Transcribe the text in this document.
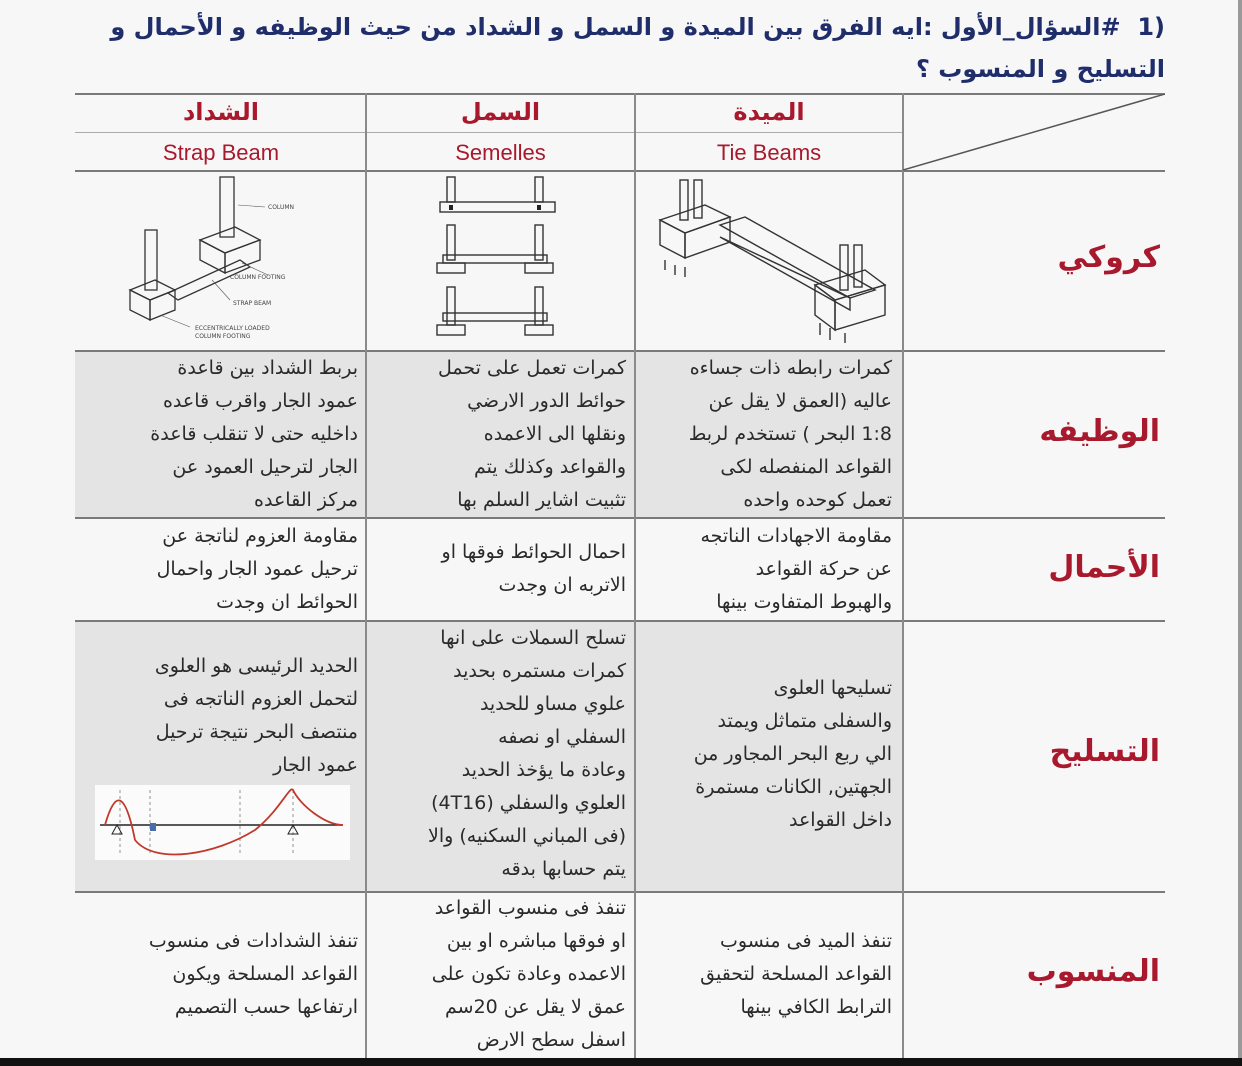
1)  #السؤال_الأول :ايه الفرق بين الميدة و السمل و الشداد من حيث الوظيفه و الأحمال و التسليح و المنسوب ؟
الميدة
Tie Beams
السمل
Semelles
الشداد
Strap Beam
كروكي
الوظيفه
الأحمال
التسليح
المنسوب
COLUMN
COLUMN FOOTING
STRAP BEAM
ECCENTRICALLY LOADED
COLUMN FOOTING
كمرات رابطه ذات جساءه
عاليه (العمق لا يقل عن
1:8 البحر ) تستخدم لربط
القواعد المنفصله لكى
تعمل كوحده واحده
كمرات تعمل على تحمل
حوائط الدور الارضي
ونقلها الى الاعمده
والقواعد وكذلك يتم
تثبيت اشاير السلم بها
بربط الشداد بين قاعدة
عمود الجار واقرب قاعده
داخليه حتى لا تنقلب قاعدة
الجار لترحيل العمود عن
مركز القاعده
مقاومة الاجهادات الناتجه
عن حركة القواعد
والهبوط المتفاوت بينها
احمال الحوائط فوقها او
الاتربه ان وجدت
مقاومة العزوم لناتجة عن
ترحيل عمود الجار واحمال
الحوائط ان وجدت
تسليحها العلوى
والسفلى متماثل ويمتد
الي ربع البحر المجاور من
الجهتين, الكانات مستمرة
داخل القواعد
تسلح السملات على انها
كمرات مستمره بحديد
علوي مساو للحديد
السفلي او نصفه
وعادة ما يؤخذ الحديد
العلوي والسفلي (4T16)
(فى المباني السكنيه) والا
يتم حسابها بدقه
الحديد الرئيسى هو العلوى
لتحمل العزوم الناتجه فى
منتصف البحر نتيجة ترحيل
عمود الجار
تنفذ الميد فى منسوب
القواعد المسلحة لتحقيق
الترابط الكافي بينها
تنفذ فى منسوب القواعد
او فوقها مباشره او بين
الاعمده وعادة تكون على
عمق لا يقل عن 20سم
اسفل سطح الارض
تنفذ الشدادات فى منسوب
القواعد المسلحة ويكون
ارتفاعها حسب التصميم
